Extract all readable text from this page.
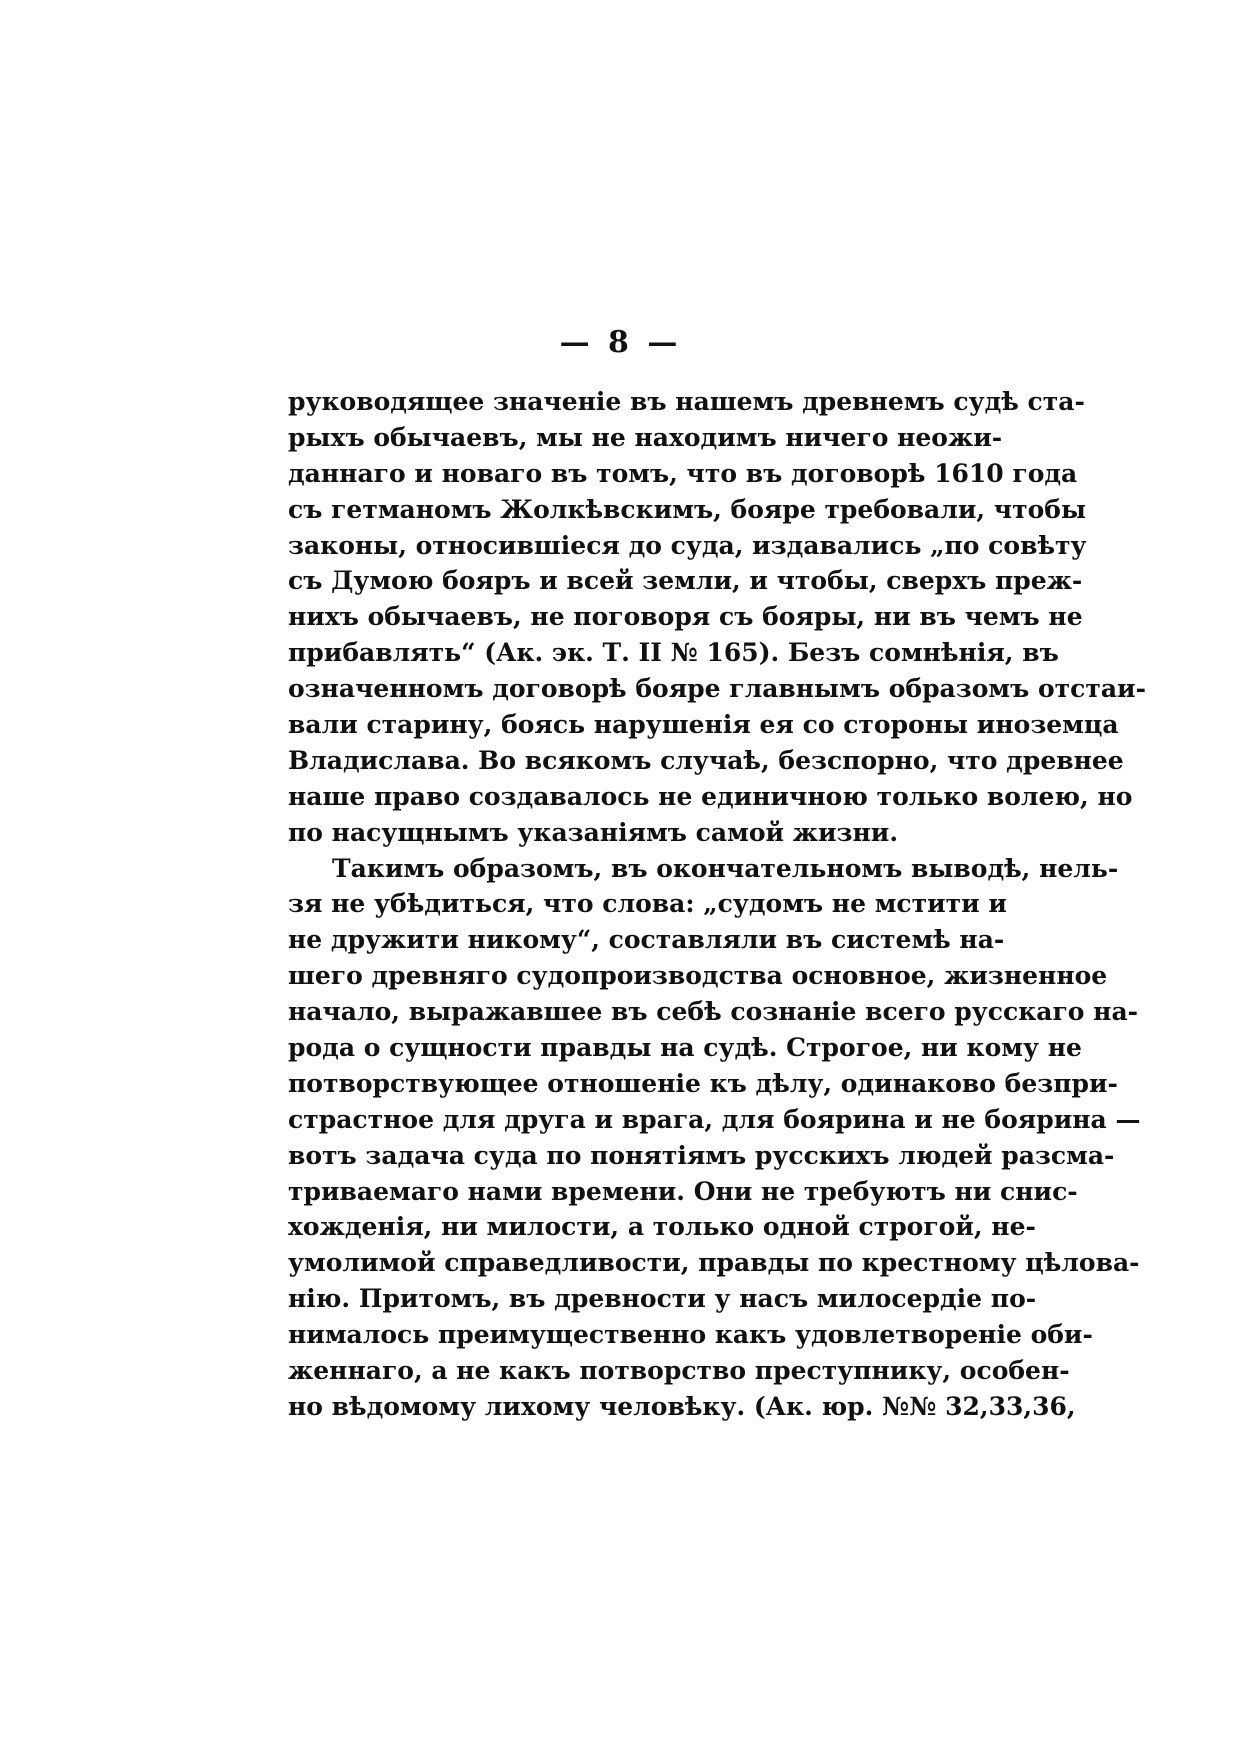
— 8 —
руководящее значенiе въ нашемъ древнемъ судѣ ста-
рыхъ обычаевъ, мы не находимъ ничего неожи-
даннаго и новаго въ томъ, что въ договорѣ 1610 года
съ гетманомъ Жолкѣвскимъ, бояре требовали, чтобы
законы, относившiеся до суда, издавались „по совѣту
съ Думою бояръ и всей земли, и чтобы, сверхъ преж-
нихъ обычаевъ, не поговоря съ бояры, ни въ чемъ не
прибавлять“ (Ак. эк. Т. II № 165). Безъ сомнѣнiя, въ
означенномъ договорѣ бояре главнымъ образомъ отстаи-
вали старину, боясь нарушенiя ея со стороны иноземца
Владислава. Во всякомъ случаѣ, безспорно, что древнее
наше право создавалось не единичною только волею, но
по насущнымъ указанiямъ самой жизни.
Такимъ образомъ, въ окончательномъ выводѣ, нель-
зя не убѣдиться, что слова: „судомъ не мстити и
не дружити никому“, составляли въ системѣ на-
шего древняго судопроизводства основное, жизненное
начало, выражавшее въ себѣ сознанiе всего русскаго на-
рода о сущности правды на судѣ. Строгое, ни кому не
потворствующее отношенiе къ дѣлу, одинаково безпри-
страстное для друга и врага, для боярина и не боярина —
вотъ задача суда по понятiямъ русскихъ людей разсма-
триваемаго нами времени. Они не требуютъ ни снис-
хожденiя, ни милости, а только одной строгой, не-
умолимой справедливости, правды по крестному цѣлова-
нiю. Притомъ, въ древности у насъ милосердiе по-
нималось преимущественно какъ удовлетворенiе оби-
женнаго, а не какъ потворство преступнику, особен-
но вѣдомому лихому человѣку. (Ак. юр. №№ 32,33,36,
